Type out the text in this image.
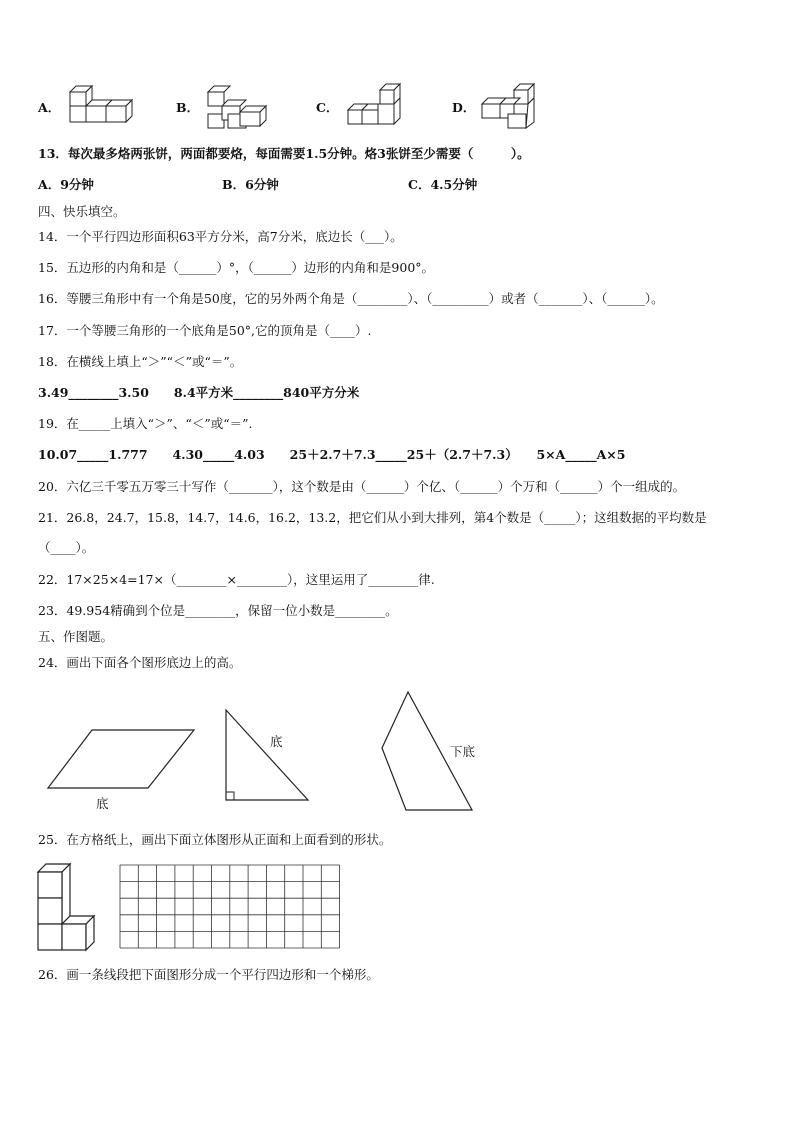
A．	B．	C．	D．
13．每次最多烙两张饼，两面都要烙，每面需要1.5分钟。烙3张饼至少需要（　　　）。
A．9分钟	B．6分钟	C．4.5分钟
四、快乐填空。
14．一个平行四边形面积63平方分米，高7分米，底边长（___）。
15．五边形的内角和是（______）°，（______）边形的内角和是900°。
16．等腰三角形中有一个角是50度，它的另外两个角是（________）、（_________）或者（_______）、（______）。
17．一个等腰三角形的一个底角是50°,它的顶角是（____）.
18．在横线上填上“＞”“＜”或“＝”。
3.49________3.50　　8.4平方米________840平方分米
19．在_____上填入“＞”、“＜”或“＝”.
10.07_____1.777　　4.30_____4.03　　25＋2.7＋7.3_____25＋（2.7＋7.3）　　5×A_____A×5
20．六亿三千零五万零三十写作（_______），这个数是由（______）个亿、（______）个万和（______）个一组成的。
21．26.8，24.7，15.8，14.7，14.6，16.2，13.2，把它们从小到大排列，第4个数是（_____）；这组数据的平均数是
（____）。
22．17×25×4=17×（________×________），这里运用了________律.
23．49.954精确到个位是________，保留一位小数是________。
五、作图题。
24．画出下面各个图形底边上的高。
底
底
下底
25．在方格纸上，画出下面立体图形从正面和上面看到的形状。
26．画一条线段把下面图形分成一个平行四边形和一个梯形。
